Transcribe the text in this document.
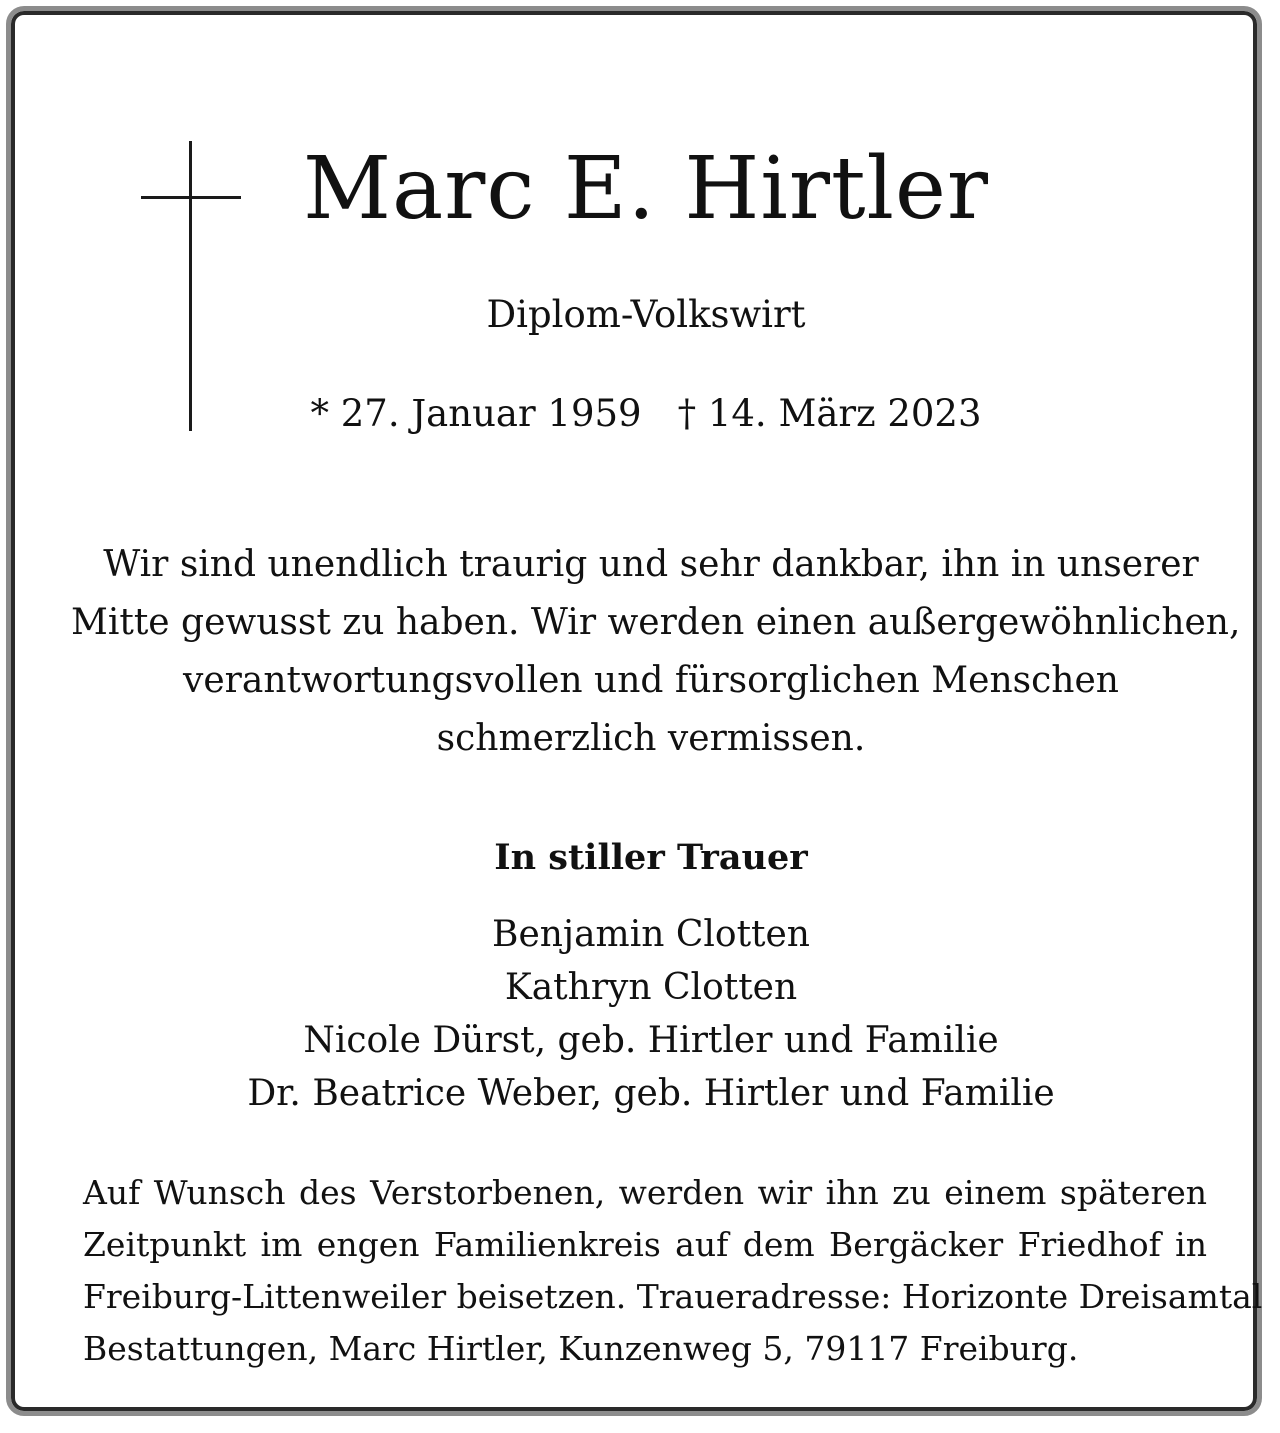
Marc E. Hirtler
Diplom-Volkswirt
* 27. Januar 1959 † 14. März 2023
Wir sind unendlich traurig und sehr dankbar, ihn in unserer
Mitte gewusst zu haben. Wir werden einen außergewöhnlichen,
verantwortungsvollen und fürsorglichen Menschen
schmerzlich vermissen.
In stiller Trauer
Benjamin Clotten
Kathryn Clotten
Nicole Dürst, geb. Hirtler und Familie
Dr. Beatrice Weber, geb. Hirtler und Familie
Auf Wunsch des Verstorbenen, werden wir ihn zu einem späteren
Zeitpunkt im engen Familienkreis auf dem Bergäcker Friedhof in
Freiburg-Littenweiler beisetzen. Traueradresse: Horizonte Dreisamtal
Bestattungen, Marc Hirtler, Kunzenweg 5, 79117 Freiburg.
